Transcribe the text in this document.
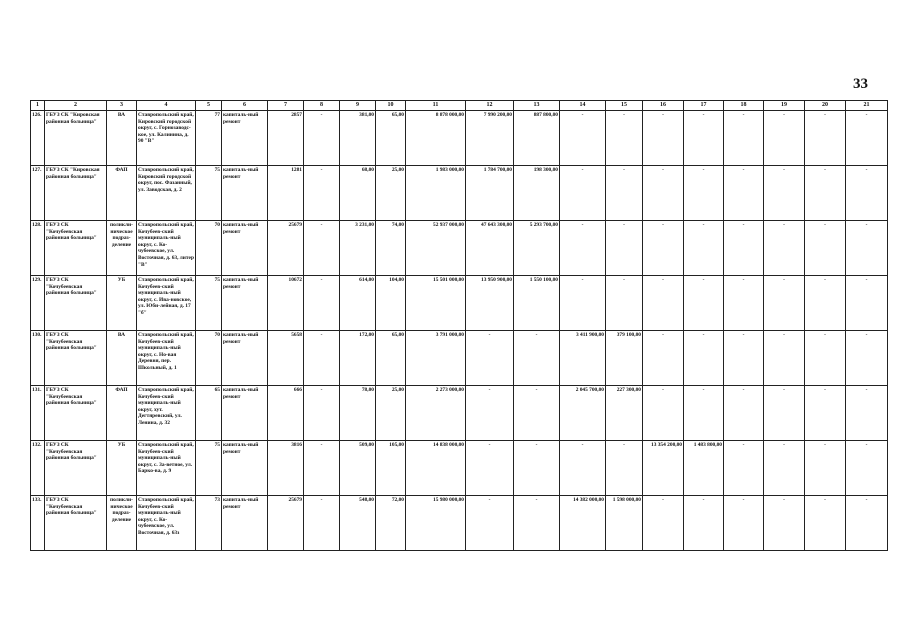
33
1	2	3	4	5	6	7	8	9	10	11	12	13	14	15	16	17	18	19	20	21
126.	ГБУЗ СК "Кировская районная больница"	ВА	Ставропольский край, Кировский городской округ, с. Горнозаводс-кое, ул. Калинина, д. 90 "В"	77	капиталь-ный ремонт	2857	-	381,00	65,00	8 878 000,00	7 990 200,00	887 800,00	-	-	-	-	-	-	-	-
127.	ГБУЗ СК "Кировская районная больница"	ФАП	Ставропольский край, Кировский городской округ, пос. Фазанный, ул. Заводская, д. 2	75	капиталь-ный ремонт	1281	-	68,00	25,00	1 983 000,00	1 784 700,00	198 300,00	-	-	-	-	-	-	-	-
128.	ГБУЗ СК "Кочубеевская районная больница"	поликли-ническое подраз-деление	Ставропольский край, Кочубеев-ский муниципаль-ный округ, с. Ко-чубеевское, ул. Восточная, д. 63, литер "В"	70	капиталь-ный ремонт	25679	-	3 231,00	74,00	52 937 000,00	47 643 300,00	5 293 700,00	-	-	-	-	-	-	-	-
129.	ГБУЗ СК "Кочубеевская районная больница"	УБ	Ставропольский край, Кочубеев-ский муниципаль-ный округ, с. Ива-новское, ул. Юби-лейная, д. 17 "б"	75	капиталь-ный ремонт	10672	-	614,00	104,00	15 501 000,00	13 950 900,00	1 550 100,00	-	-	-	-	-	-	-	-
130.	ГБУЗ СК "Кочубеевская районная больница"	ВА	Ставропольский край, Кочубеев-ский муниципаль-ный округ, с. Но-вая Деревня, пер. Школьный, д. 1	70	капиталь-ный ремонт	5658	-	172,00	65,00	3 791 000,00	-	-	3 411 900,00	379 100,00	-	-	-	-	-	-
131.	ГБУЗ СК "Кочубеевская районная больница"	ФАП	Ставропольский край, Кочубеев-ский муниципаль-ный округ, хут. Дегтяревский, ул. Ленина, д. 32	65	капиталь-ный ремонт	666	-	78,00	25,00	2 273 000,00	-	-	2 045 700,00	227 300,00	-	-	-	-	-	-
132.	ГБУЗ СК "Кочубеевская районная больница"	УБ	Ставропольский край, Кочубеев-ский муниципаль-ный округ, с. За-ветное, ул. Барко-ва, д. 9	75	капиталь-ный ремонт	3816	-	509,00	105,00	14 838 000,00	-	-	-	-	13 354 200,00	1 483 800,00	-	-	-	-
133.	ГБУЗ СК "Кочубеевская районная больница"	поликли-ническое подраз-деление	Ставропольский край, Кочубеев-ский муниципаль-ный округ, с. Ко-чубеевское, ул. Восточная, д. 63з	73	капиталь-ный ремонт	25679	-	548,00	72,00	15 980 000,00	-	-	14 382 000,00	1 598 000,00	-	-	-	-	-	-
